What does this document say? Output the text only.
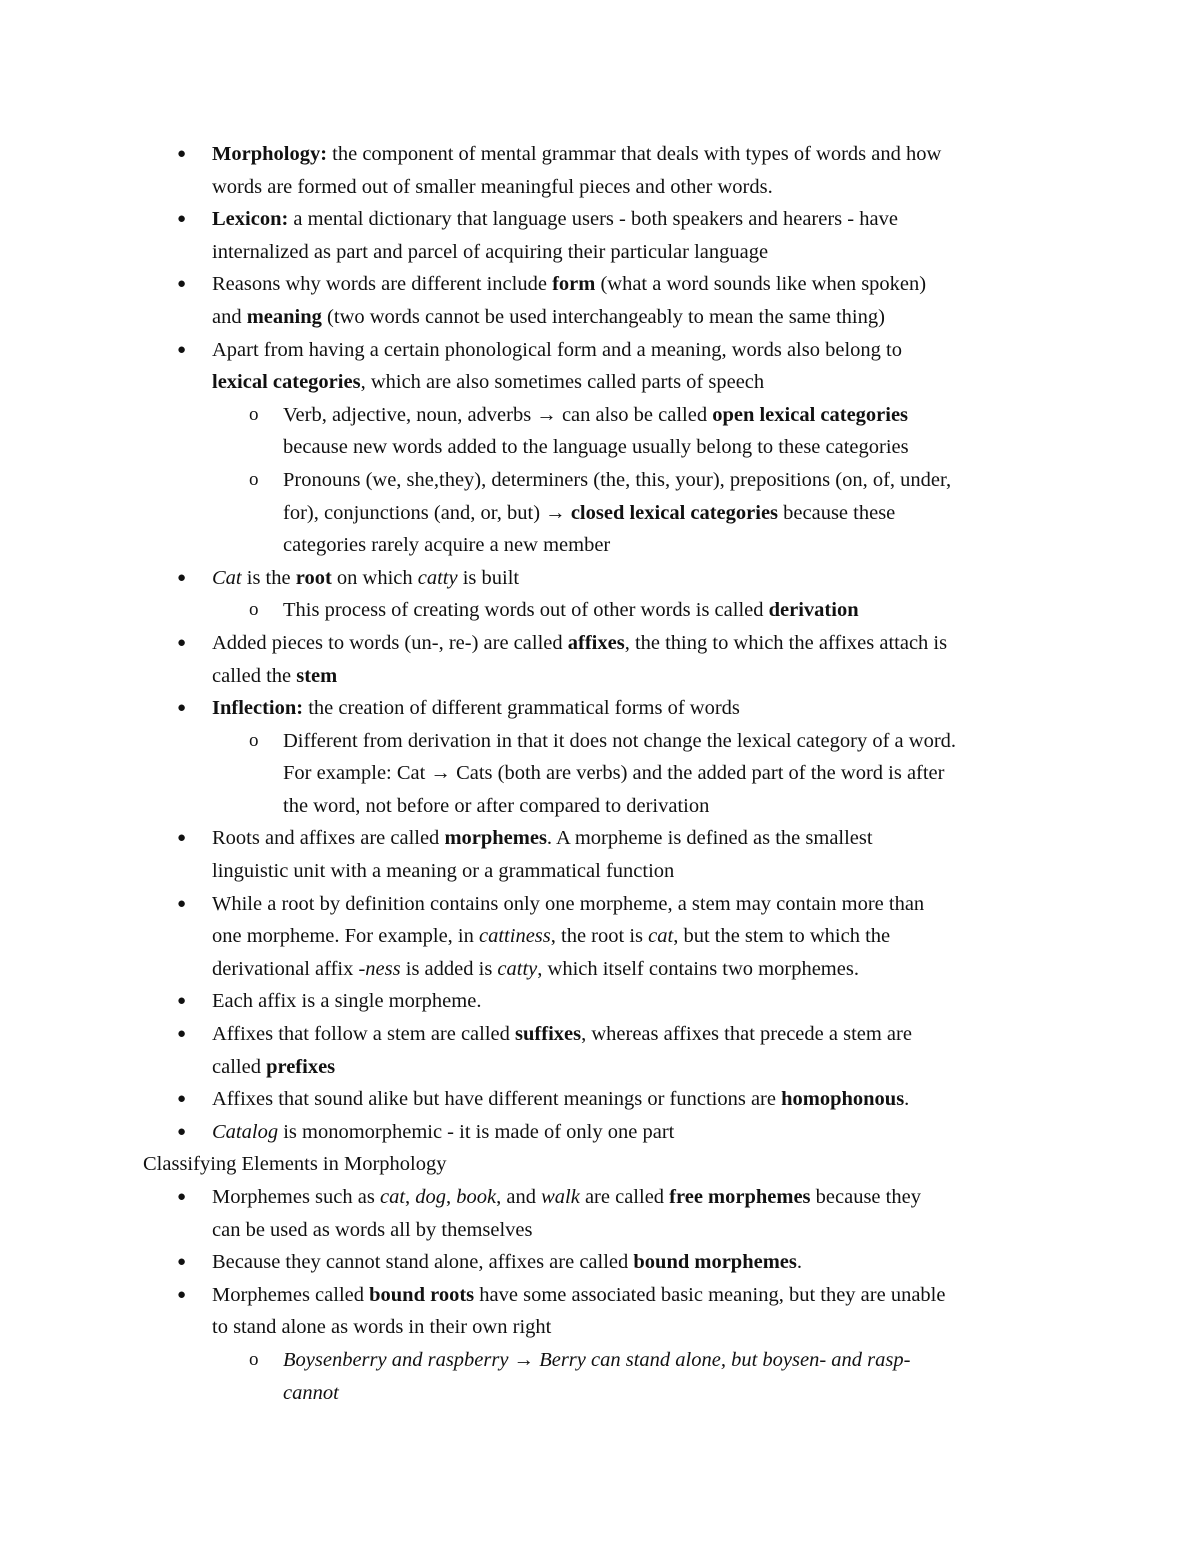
● Morphology: the component of mental grammar that deals with types of words and how
words are formed out of smaller meaningful pieces and other words.
● Lexicon: a mental dictionary that language users - both speakers and hearers - have
internalized as part and parcel of acquiring their particular language
● Reasons why words are different include form (what a word sounds like when spoken)
and meaning (two words cannot be used interchangeably to mean the same thing)
● Apart from having a certain phonological form and a meaning, words also belong to
lexical categories, which are also sometimes called parts of speech
o Verb, adjective, noun, adverbs → can also be called open lexical categories
because new words added to the language usually belong to these categories
o Pronouns (we, she,they), determiners (the, this, your), prepositions (on, of, under,
for), conjunctions (and, or, but) → closed lexical categories because these
categories rarely acquire a new member
● Cat is the root on which catty is built
o This process of creating words out of other words is called derivation
● Added pieces to words (un-, re-) are called affixes, the thing to which the affixes attach is
called the stem
● Inflection: the creation of different grammatical forms of words
o Different from derivation in that it does not change the lexical category of a word.
For example: Cat → Cats (both are verbs) and the added part of the word is after
the word, not before or after compared to derivation
● Roots and affixes are called morphemes. A morpheme is defined as the smallest
linguistic unit with a meaning or a grammatical function
● While a root by definition contains only one morpheme, a stem may contain more than
one morpheme. For example, in cattiness, the root is cat, but the stem to which the
derivational affix -ness is added is catty, which itself contains two morphemes.
● Each affix is a single morpheme.
● Affixes that follow a stem are called suffixes, whereas affixes that precede a stem are
called prefixes
● Affixes that sound alike but have different meanings or functions are homophonous.
● Catalog is monomorphemic - it is made of only one part
Classifying Elements in Morphology
● Morphemes such as cat, dog, book, and walk are called free morphemes because they
can be used as words all by themselves
● Because they cannot stand alone, affixes are called bound morphemes.
● Morphemes called bound roots have some associated basic meaning, but they are unable
to stand alone as words in their own right
o Boysenberry and raspberry → Berry can stand alone, but boysen- and rasp-
cannot
